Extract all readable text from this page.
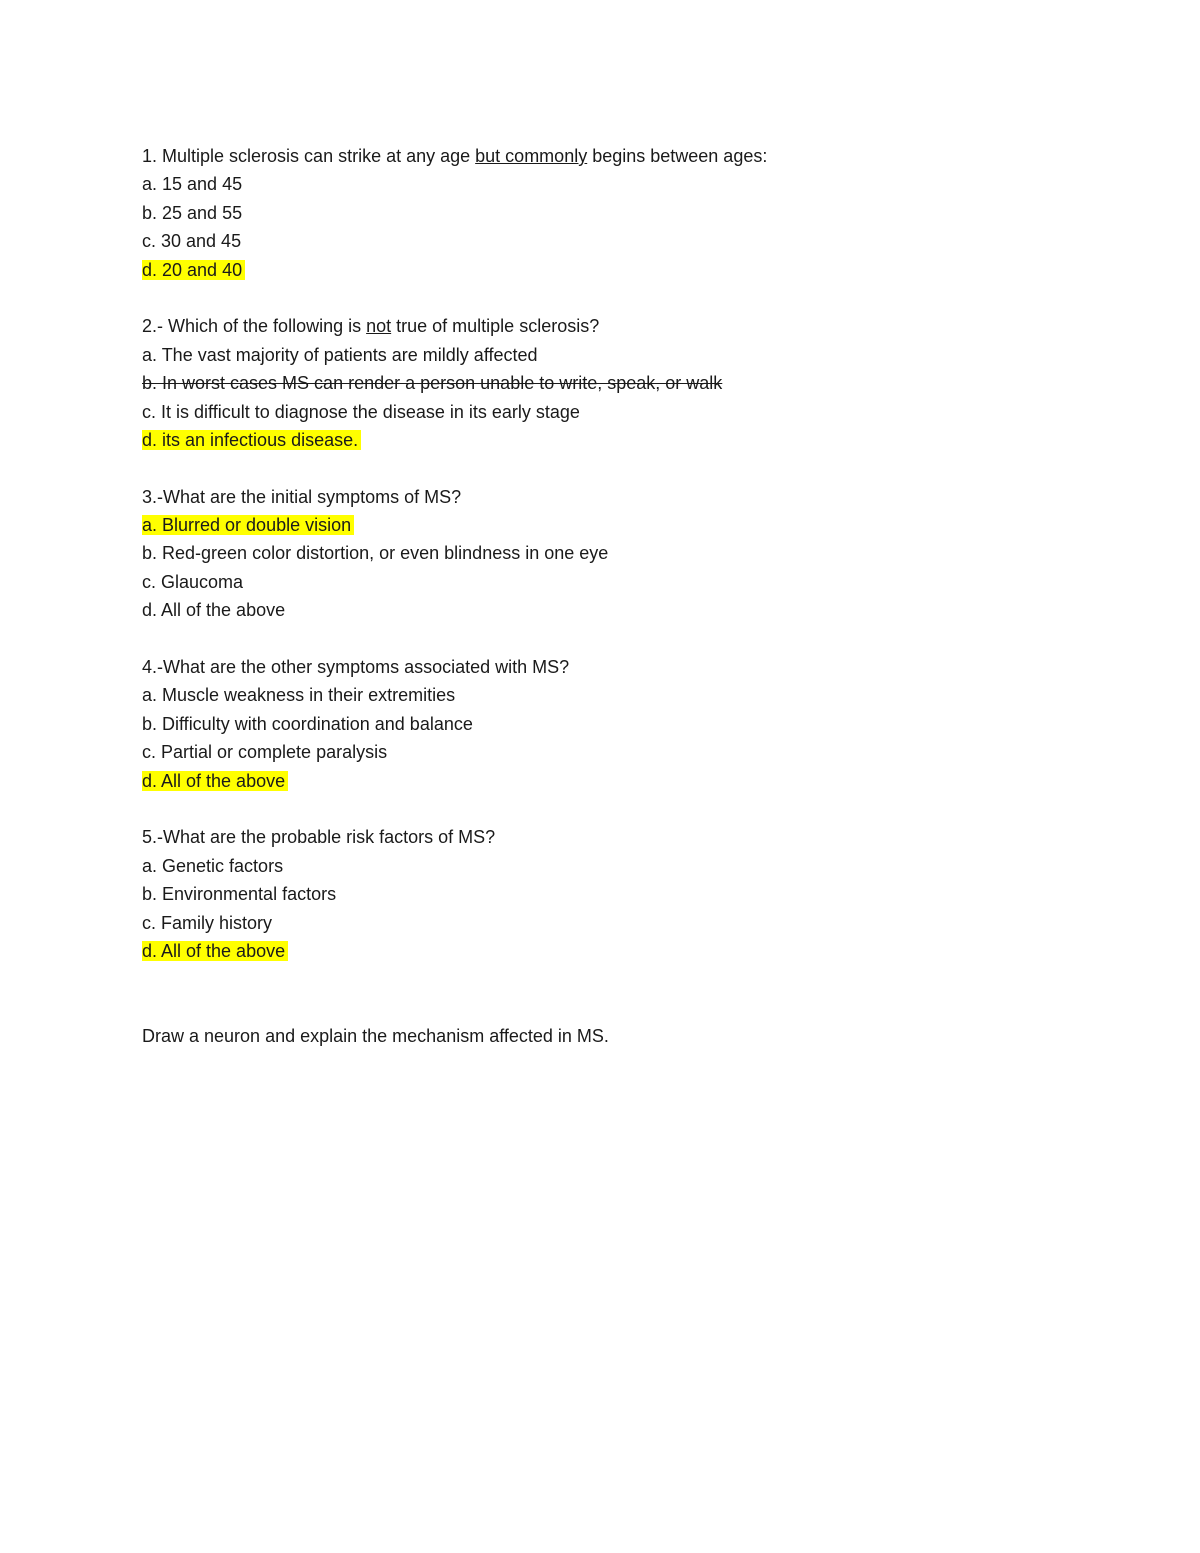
1. Multiple sclerosis can strike at any age but commonly begins between ages:
a. 15 and 45
b. 25 and 55
c. 30 and 45
d. 20 and 40
2.- Which of the following is not true of multiple sclerosis?
a. The vast majority of patients are mildly affected
b. In worst cases MS can render a person unable to write, speak, or walk
c. It is difficult to diagnose the disease in its early stage
d. its an infectious disease.
3.-What are the initial symptoms of MS?
a. Blurred or double vision
b. Red-green color distortion, or even blindness in one eye
c. Glaucoma
d. All of the above
4.-What are the other symptoms associated with MS?
a. Muscle weakness in their extremities
b. Difficulty with coordination and balance
c. Partial or complete paralysis
d. All of the above
5.-What are the probable risk factors of MS?
a. Genetic factors
b. Environmental factors
c. Family history
d. All of the above
Draw a neuron and explain the mechanism affected in MS.
